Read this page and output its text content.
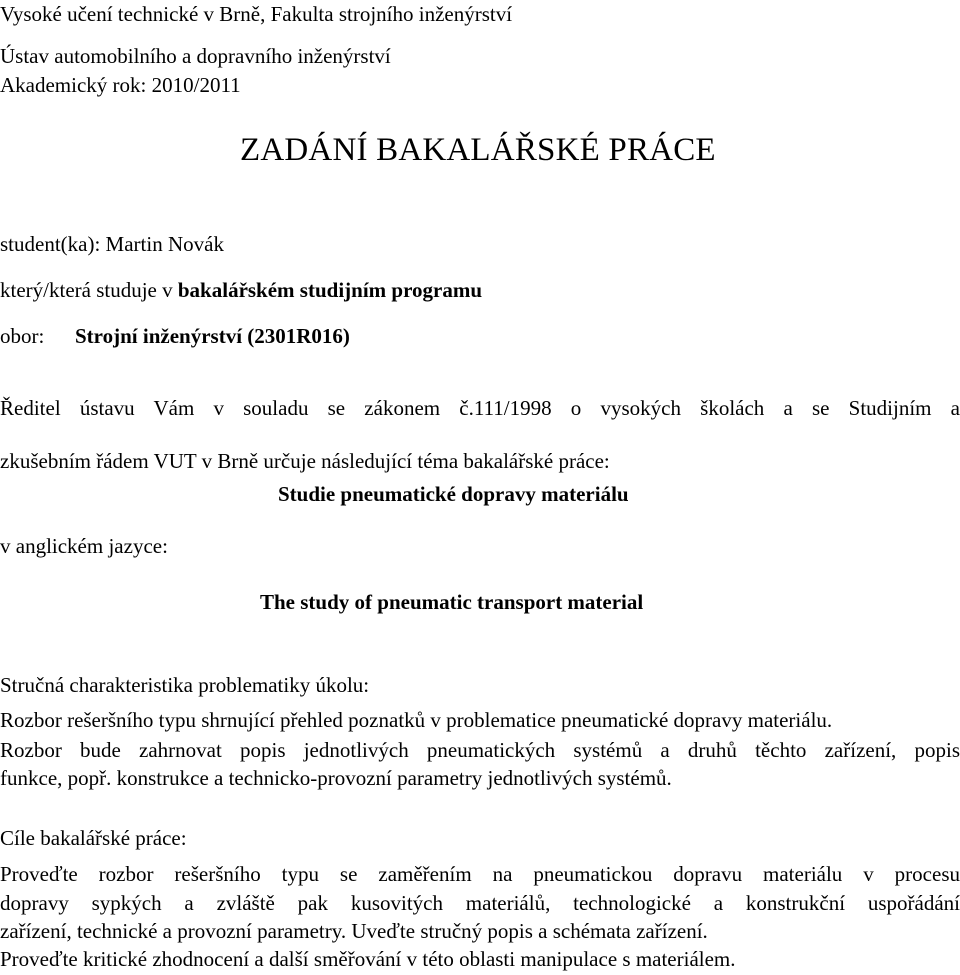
Vysoké učení technické v Brně, Fakulta strojního inženýrství
Ústav automobilního a dopravního inženýrství
Akademický rok: 2010/2011
ZADÁNÍ BAKALÁŘSKÉ PRÁCE
student(ka): Martin Novák
který/která studuje v bakalářském studijním programu
obor: Strojní inženýrství (2301R016)
Ředitel ústavu Vám v souladu se zákonem č.111/1998 o vysokých školách a se Studijním a
zkušebním řádem VUT v Brně určuje následující téma bakalářské práce:
Studie pneumatické dopravy materiálu
v anglickém jazyce:
The study of pneumatic transport material
Stručná charakteristika problematiky úkolu:
Rozbor rešeršního typu shrnující přehled poznatků v problematice pneumatické dopravy materiálu.
Rozbor bude zahrnovat popis jednotlivých pneumatických systémů a druhů těchto zařízení, popis
funkce, popř. konstrukce a technicko-provozní parametry jednotlivých systémů.
Cíle bakalářské práce:
Proveďte rozbor rešeršního typu se zaměřením na pneumatickou dopravu materiálu v procesu
dopravy sypkých a zvláště pak kusovitých materiálů, technologické a konstrukční uspořádání
zařízení, technické a provozní parametry. Uveďte stručný popis a schémata zařízení.
Proveďte kritické zhodnocení a další směřování v této oblasti manipulace s materiálem.
